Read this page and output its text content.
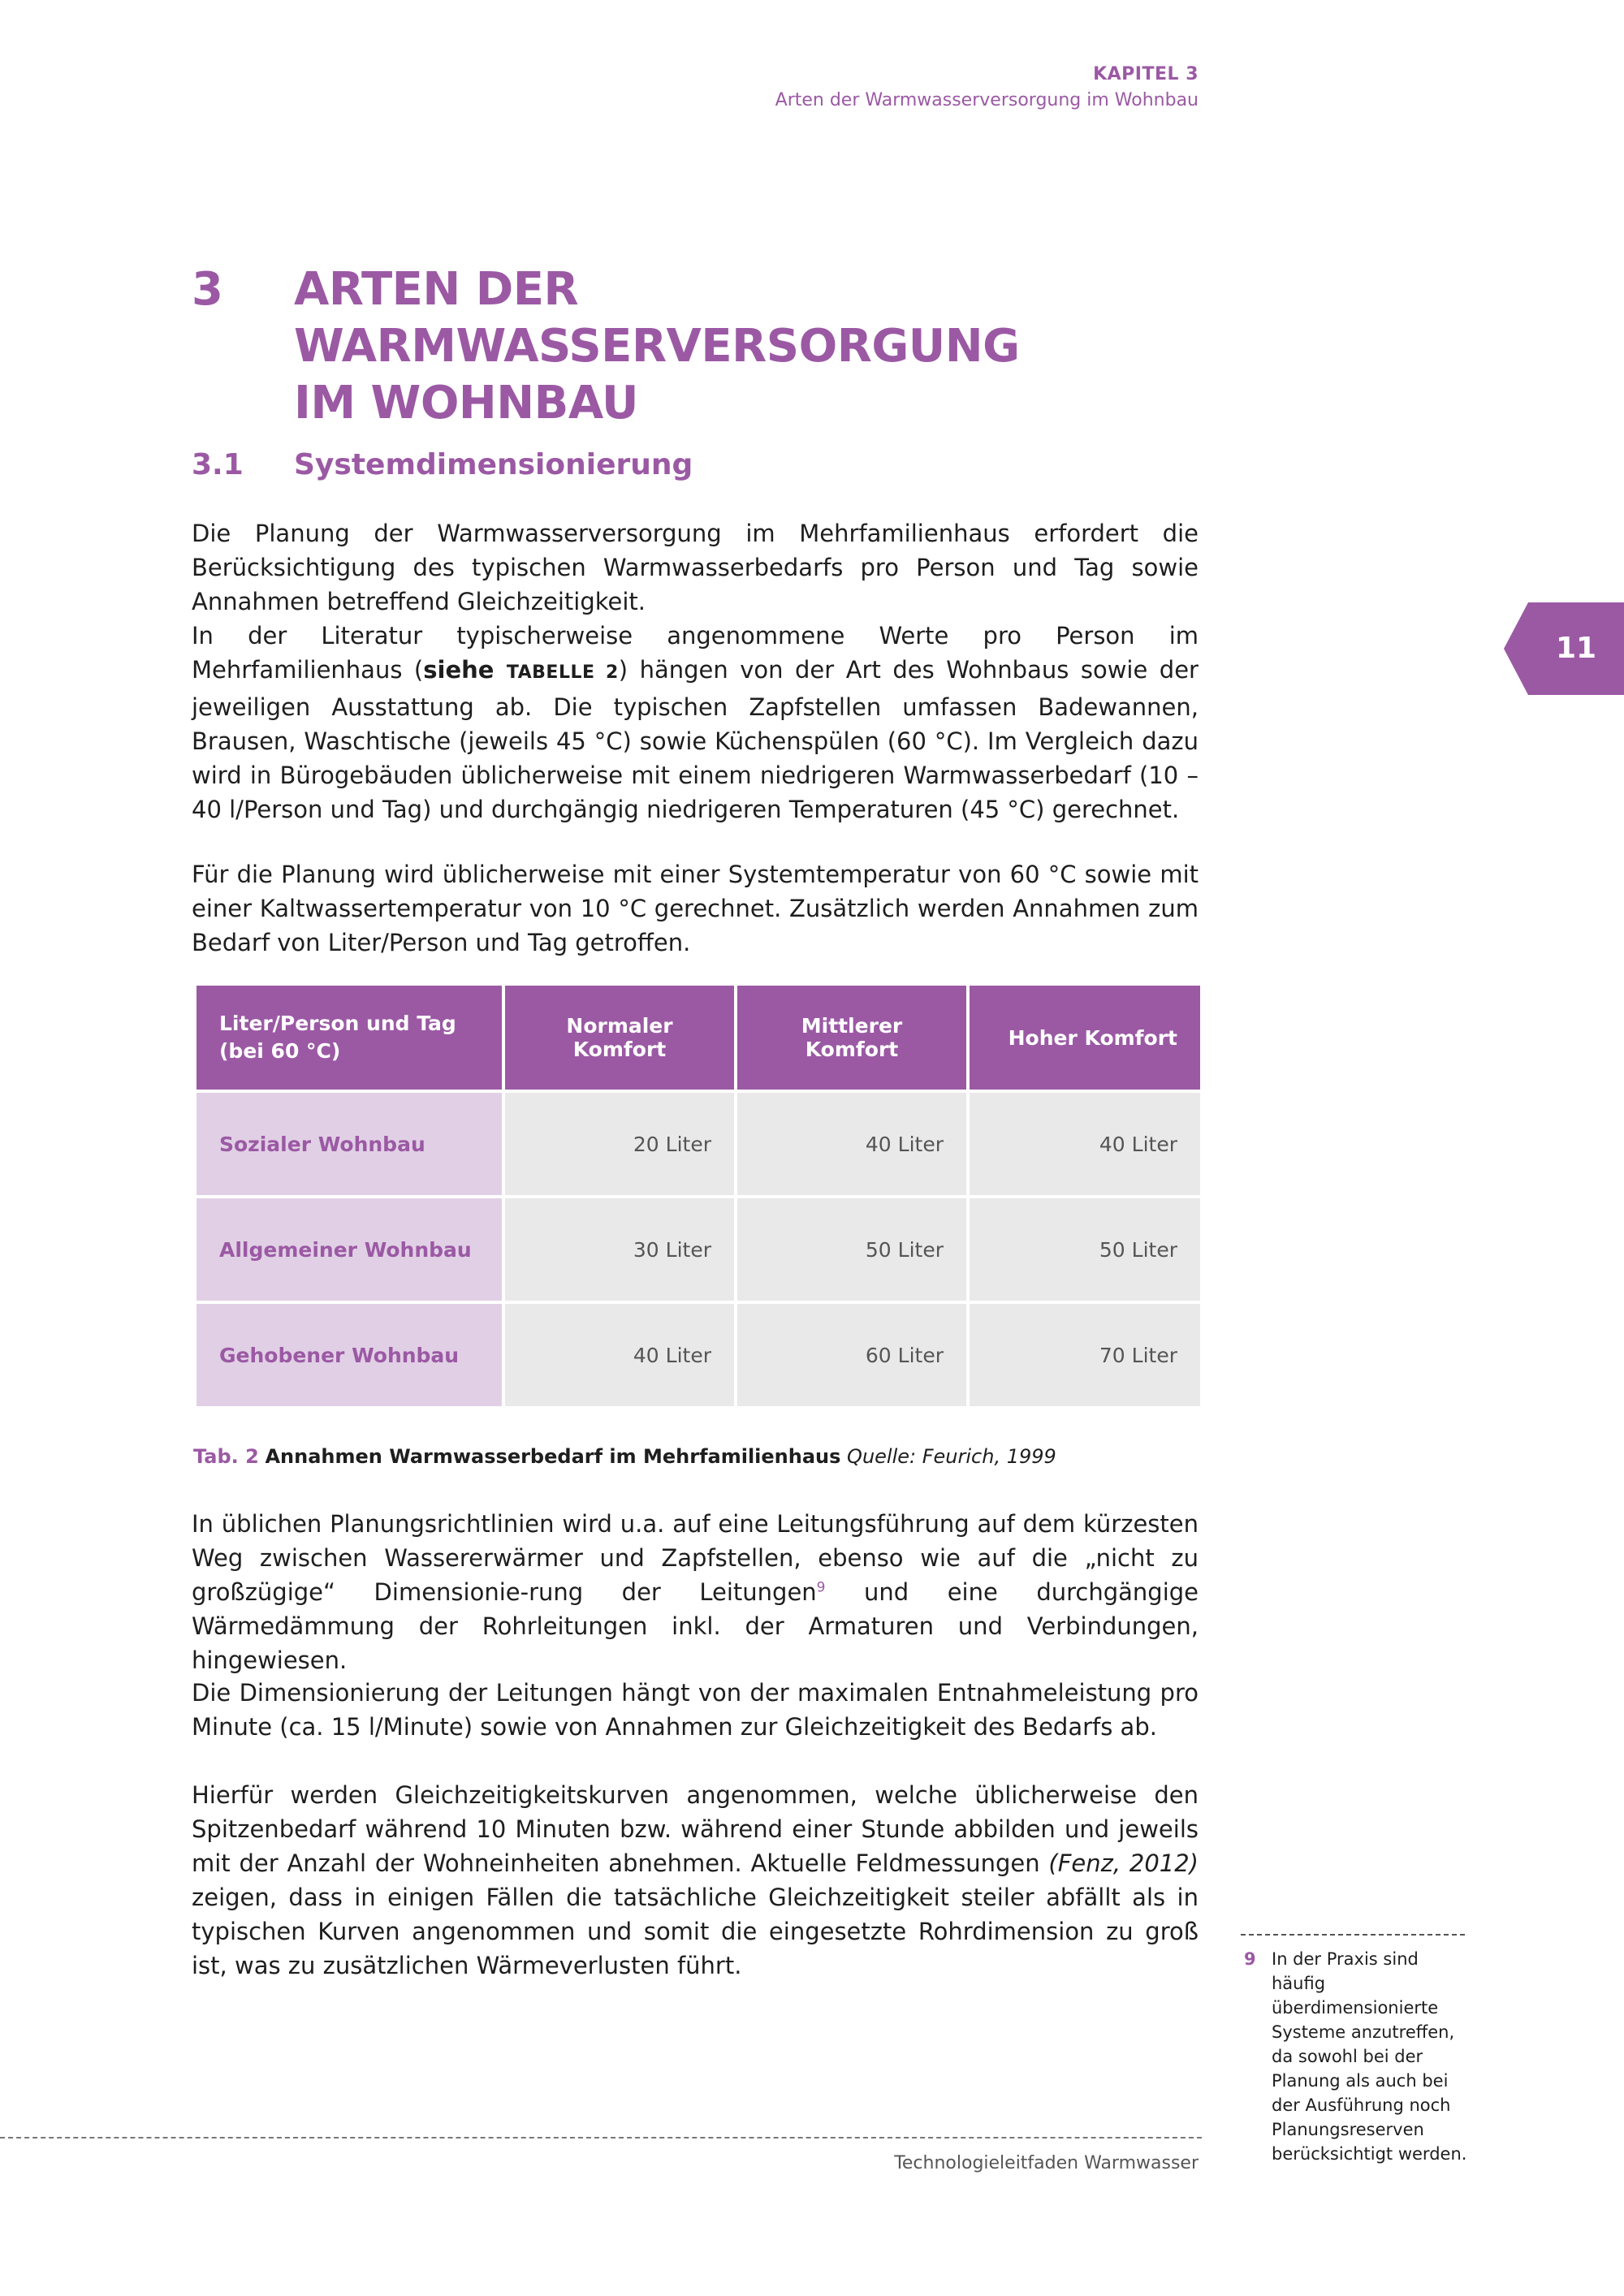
KAPITEL 3
Arten der Warmwasserversorgung im Wohnbau
11
3 ARTEN DER WARMWASSERVERSORGUNG
IM WOHNBAU
3.1 Systemdimensionierung

Die Planung der Warmwasserversorgung im Mehrfamilienhaus erfordert die Berücksichtigung des typischen Warmwasserbedarfs pro Person und Tag sowie Annahmen betreffend Gleichzeitigkeit.

In der Literatur typischerweise angenommene Werte pro Person im Mehrfamilienhaus (siehe TABELLE 2) hängen von der Art des Wohnbaus sowie der jeweiligen Ausstattung ab. Die typischen Zapfstellen umfassen Badewannen, Brausen, Waschtische (jeweils 45 °C) sowie Küchenspülen (60 °C). Im Vergleich dazu wird in Bürogebäuden üblicherweise mit einem niedrigeren Warmwasserbedarf (10 – 40 l/Person und Tag) und durchgängig niedrigeren Temperaturen (45 °C) gerechnet.

Für die Planung wird üblicherweise mit einer Systemtemperatur von 60 °C sowie mit einer Kaltwassertemperatur von 10 °C gerechnet. Zusätzlich werden Annahmen zum Bedarf von Liter/Person und Tag getroffen.

Liter/Person und Tag
(bei 60 °C)	Normaler Komfort	Mittlerer Komfort	Hoher Komfort
Sozialer Wohnbau	20 Liter	40 Liter	40 Liter
Allgemeiner Wohnbau	30 Liter	50 Liter	50 Liter
Gehobener Wohnbau	40 Liter	60 Liter	70 Liter
Tab. 2 Annahmen Warmwasserbedarf im Mehrfamilienhaus Quelle: Feurich, 1999

In üblichen Planungsrichtlinien wird u.a. auf eine Leitungsführung auf dem kürzesten Weg zwischen Wassererwärmer und Zapfstellen, ebenso wie auf die „nicht zu großzügige“ Dimensionie-rung der Leitungen$^9$ und eine durchgängige Wärmedämmung der Rohrleitungen inkl. der Armaturen und Verbindungen, hingewiesen.

Die Dimensionierung der Leitungen hängt von der maximalen Entnahmeleistung pro Minute (ca. 15 l/Minute) sowie von Annahmen zur Gleichzeitigkeit des Bedarfs ab.

Hierfür werden Gleichzeitigkeitskurven angenommen, welche üblicherweise den Spitzenbedarf während 10 Minuten bzw. während einer Stunde abbilden und jeweils mit der Anzahl der Wohneinheiten abnehmen. Aktuelle Feldmessungen (Fenz, 2012) zeigen, dass in einigen Fällen die tatsächliche Gleichzeitigkeit steiler abfällt als in typischen Kurven angenommen und somit die eingesetzte Rohrdimension zu groß ist, was zu zusätzlichen Wärmeverlusten führt.	9 In der Praxis sind häufig überdimensionierte Systeme anzutreffen, da sowohl bei der Planung als auch bei der Ausführung noch Planungsreserven berücksichtigt werden.
Technologieleitfaden Warmwasser
